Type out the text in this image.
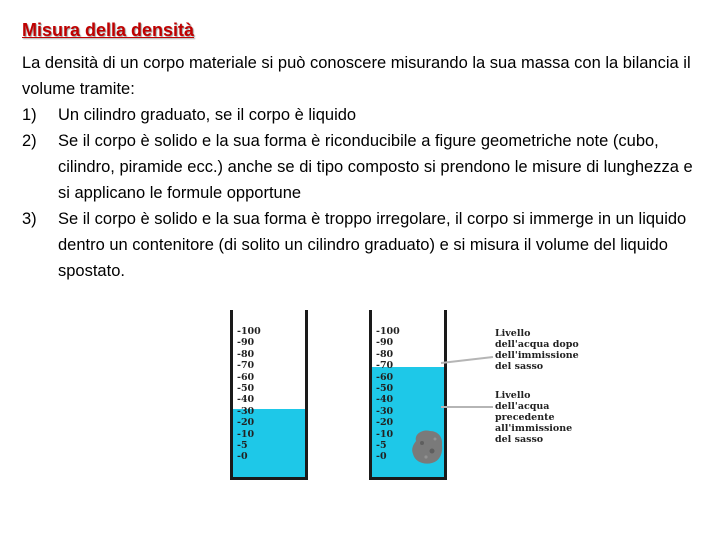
Misura della densità

La densità di un corpo materiale si può conoscere misurando la sua massa con la bilancia il volume tramite:

1)	Un cilindro graduato, se il corpo è liquido
2)	Se il corpo è solido e la sua forma è riconducibile a figure geometriche note (cubo, cilindro, piramide ecc.) anche se di tipo composto si prendono le misure di lunghezza e si applicano le formule opportune
3)	Se il corpo è solido e la sua forma è troppo irregolare, il corpo si immerge in un liquido dentro un contenitore (di solito un cilindro graduato) e si misura il volume del liquido spostato.
-100
-90
-80
-70
-60
-50
-40
-30
-20
-10
-5
-0
-100
-90
-80
-70
-60
-50
-40
-30
-20
-10
-5
-0
Livello
dell'acqua dopo
dell'immissione
del sasso
Livello
dell'acqua
precedente
all'immissione
del sasso
